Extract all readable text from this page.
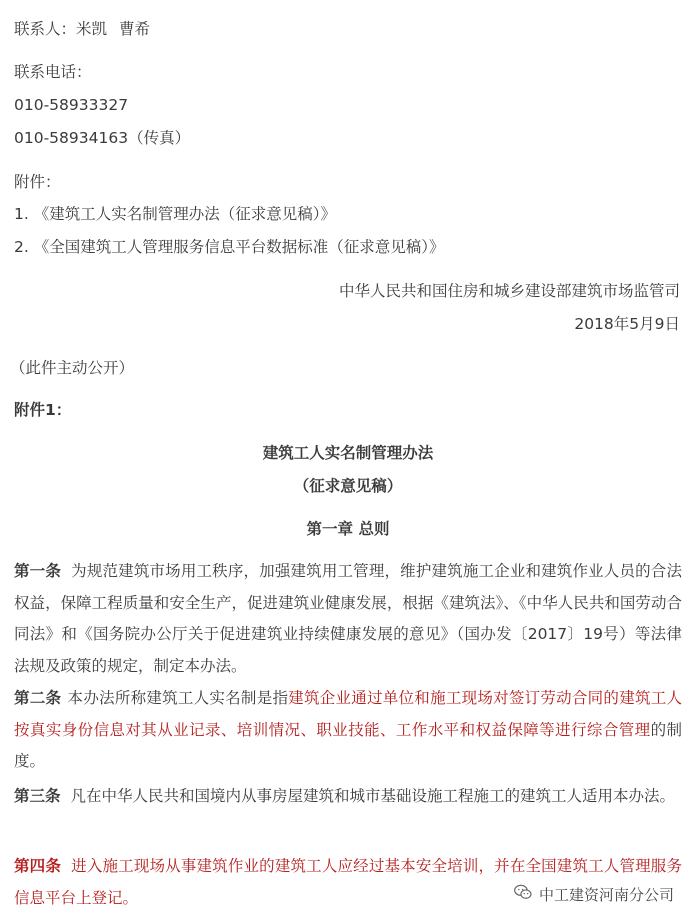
联系人：米凯 曹希
联系电话：
010-58933327
010-58934163（传真）
附件：
1. 《建筑工人实名制管理办法（征求意见稿）》
2. 《全国建筑工人管理服务信息平台数据标准（征求意见稿）》
中华人民共和国住房和城乡建设部建筑市场监管司
2018年5月9日
（此件主动公开）
附件1：
建筑工人实名制管理办法
（征求意见稿）
第一章 总则
第一条 为规范建筑市场用工秩序，加强建筑用工管理，维护建筑施工企业和建筑作业人员的合法权益，保障工程质量和安全生产，促进建筑业健康发展，根据《建筑法》、《中华人民共和国劳动合同法》和《国务院办公厅关于促进建筑业持续健康发展的意见》（国办发〔2017〕19号）等法律法规及政策的规定，制定本办法。
第二条 本办法所称建筑工人实名制是指建筑企业通过单位和施工现场对签订劳动合同的建筑工人按真实身份信息对其从业记录、培训情况、职业技能、工作水平和权益保障等进行综合管理的制度。
第三条 凡在中华人民共和国境内从事房屋建筑和城市基础设施工程施工的建筑工人适用本办法。
第四条 进入施工现场从事建筑作业的建筑工人应经过基本安全培训，并在全国建筑工人管理服务信息平台上登记。	中工建资河南分公司
